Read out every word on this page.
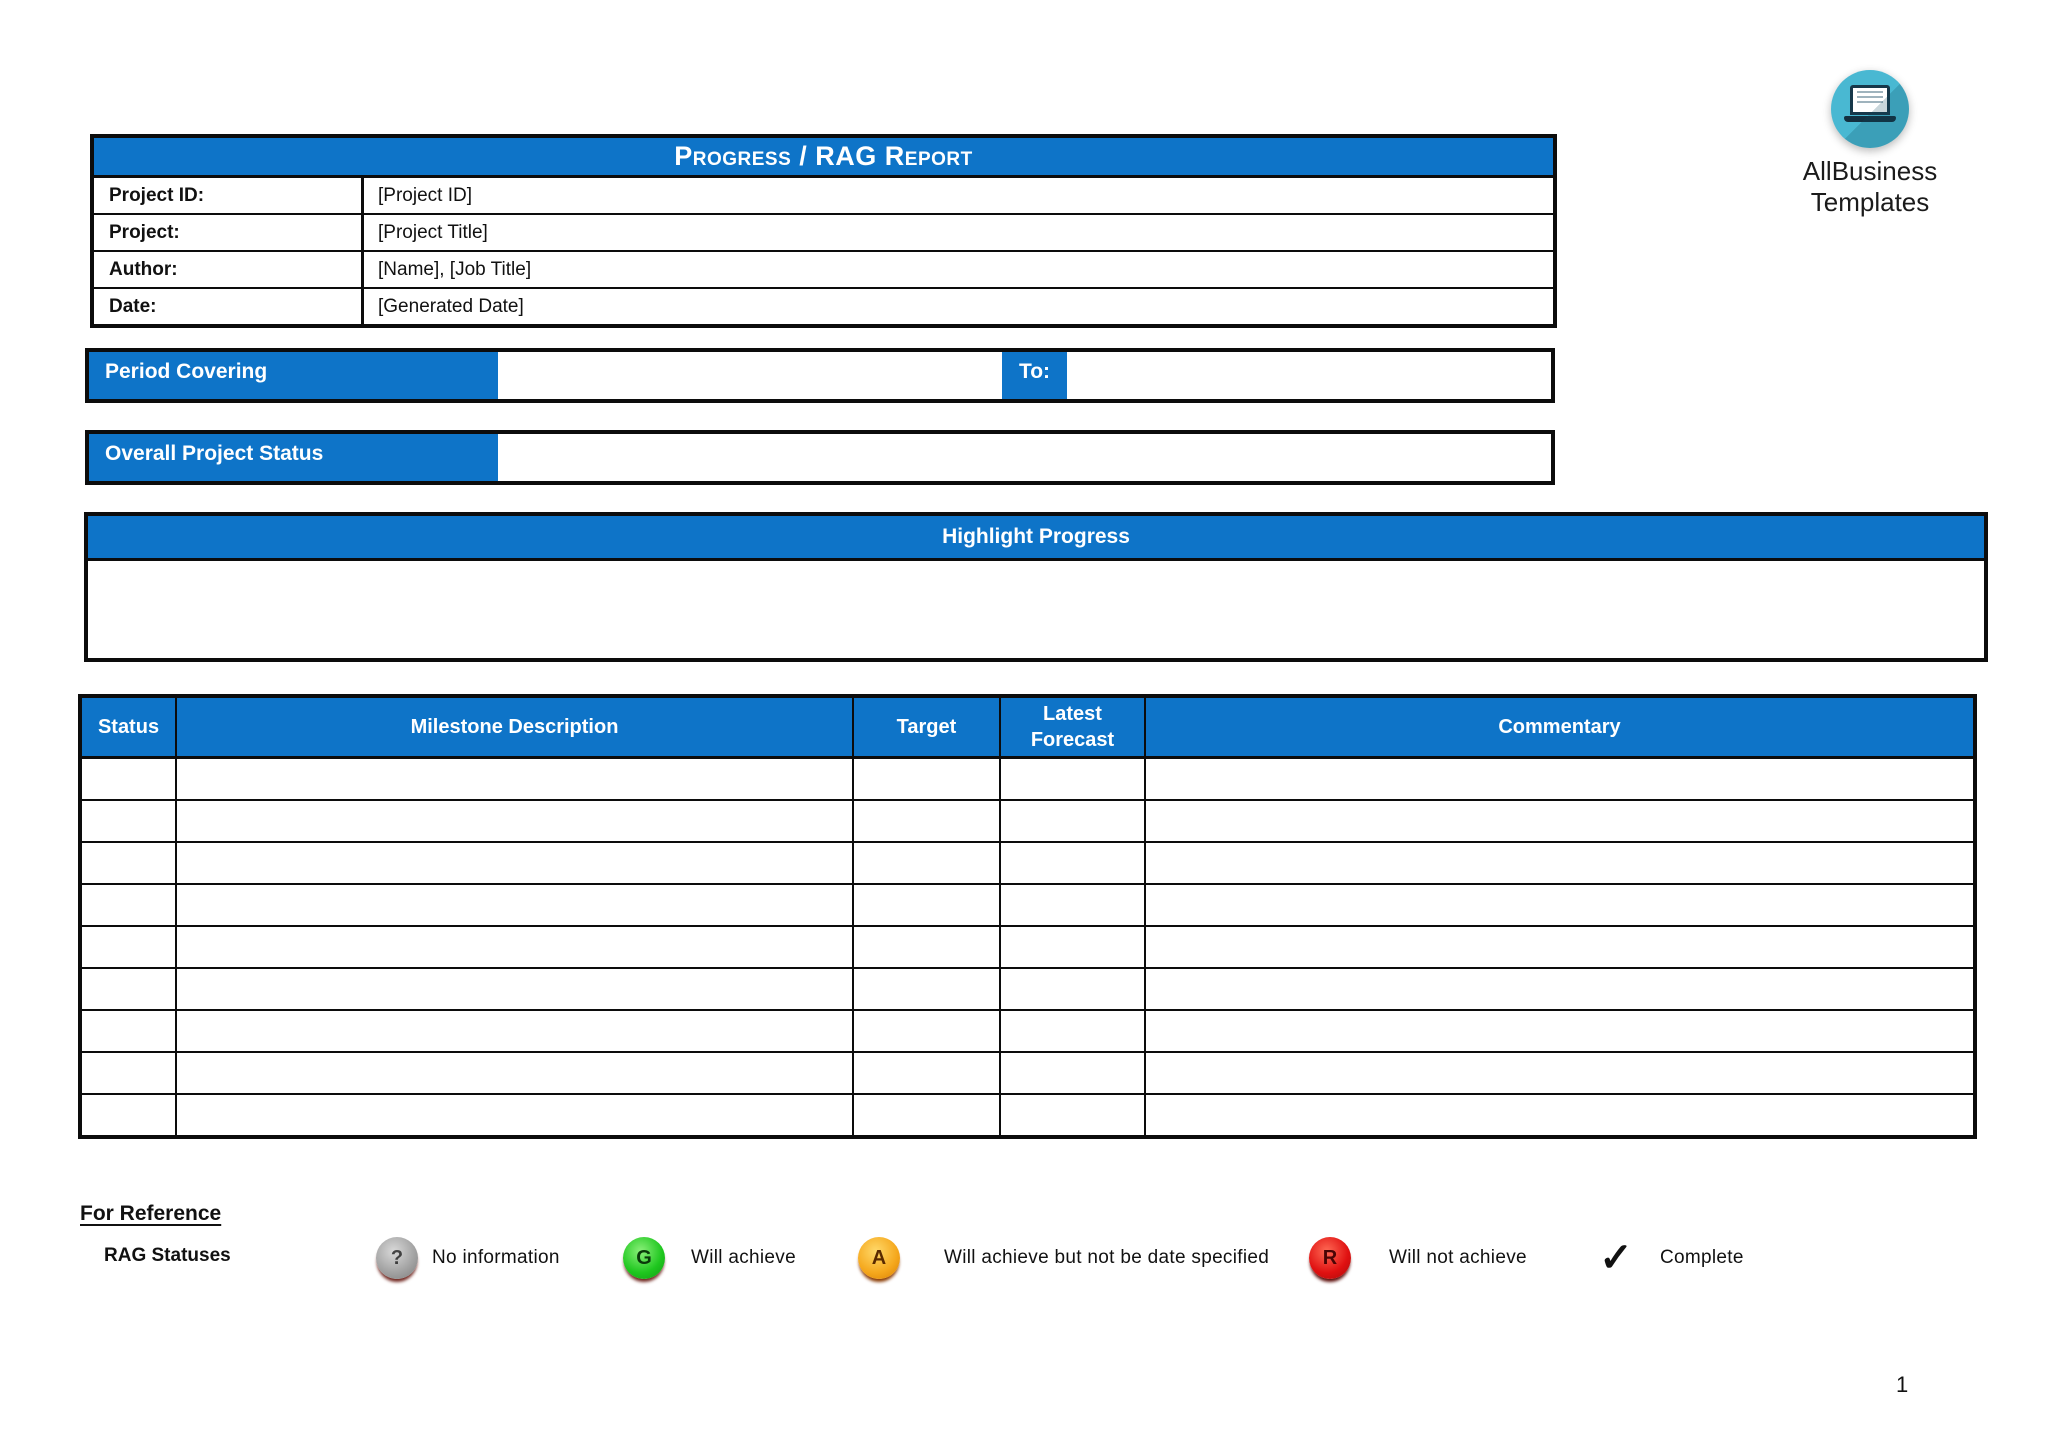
AllBusiness
Templates
Progress / RAG Report
Project ID:	[Project ID]
Project:	[Project Title]
Author:	[Name], [Job Title]
Date:	[Generated Date]
Period Covering	To:
Overall Project Status
Highlight Progress
Status	Milestone Description	Target	Latest Forecast	Commentary

For Reference
RAG Statuses	?	No information	G	Will achieve	A	Will achieve but not be date specified	R	Will not achieve ✓ Complete
1
